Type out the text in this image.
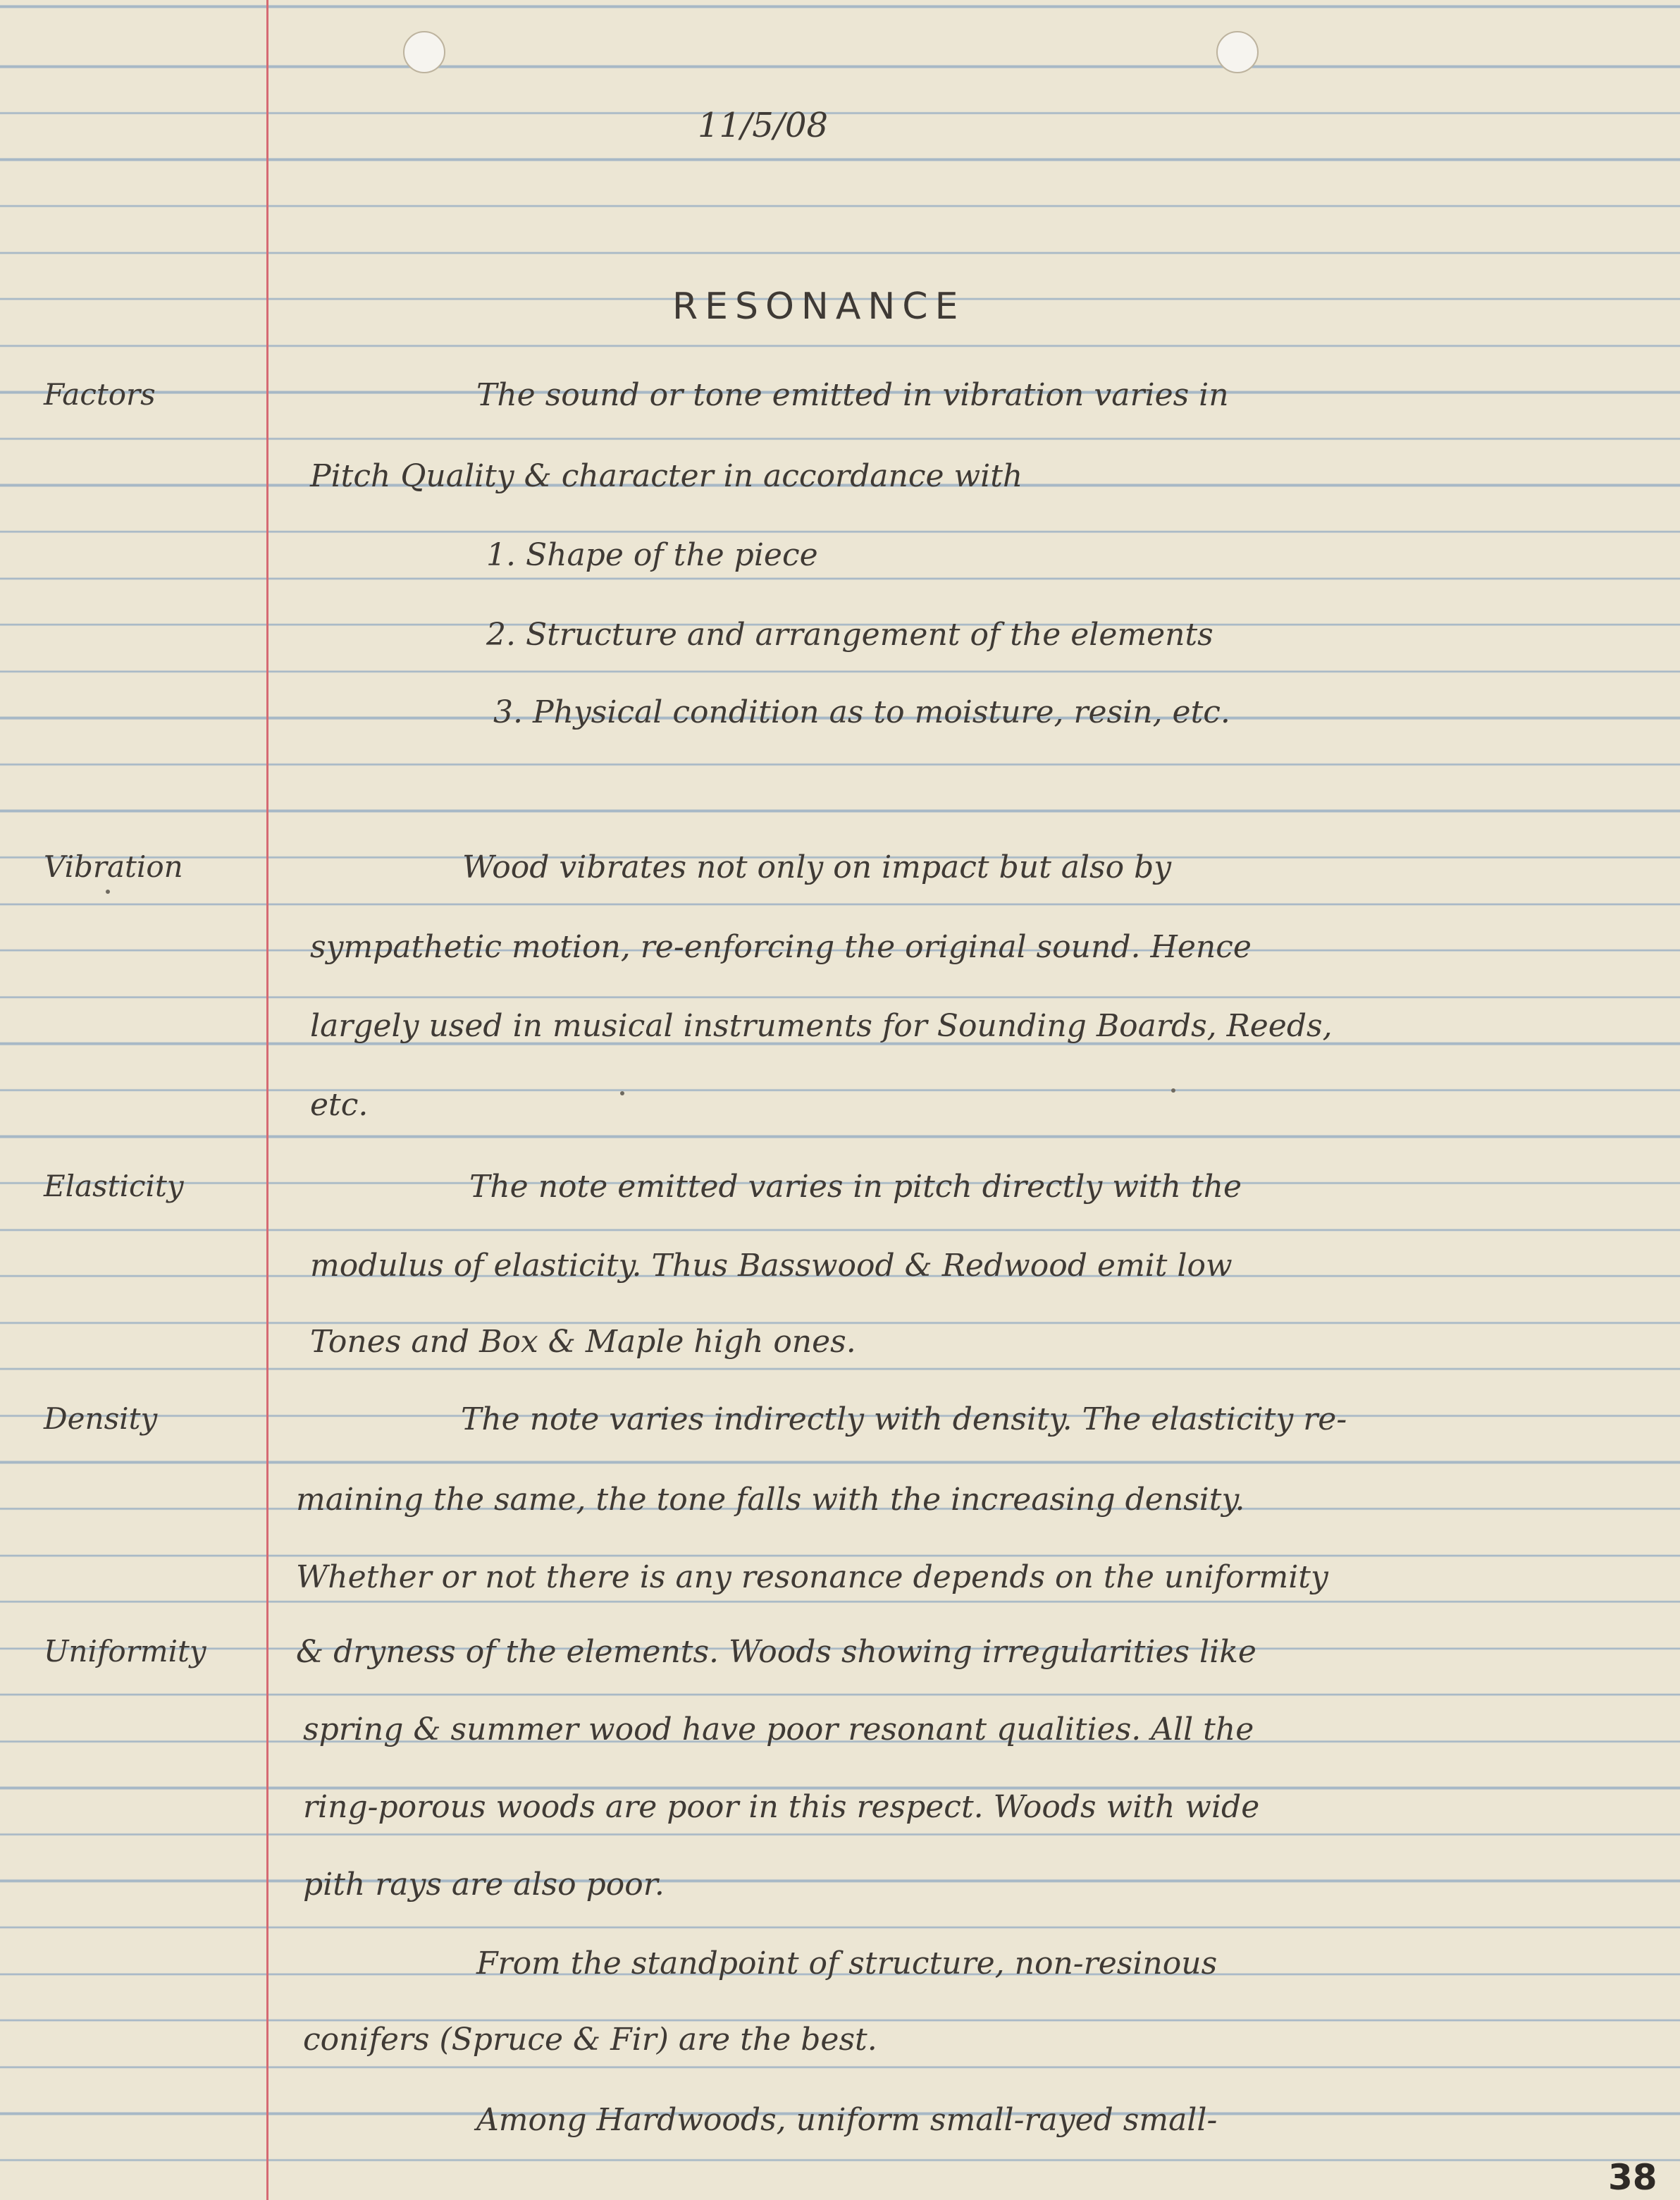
11/5/08
RESONANCE
Factors
Vibration
Elasticity
Density
Uniformity
The sound or tone emitted in vibration varies in
Pitch Quality & character in accordance with
1. Shape of the piece
2. Structure and arrangement of the elements
3. Physical condition as to moisture, resin, etc.
Wood vibrates not only on impact but also by
sympathetic motion, re-enforcing the original sound. Hence
largely used in musical instruments for Sounding Boards, Reeds,
etc.
The note emitted varies in pitch directly with the
modulus of elasticity. Thus Basswood & Redwood emit low
Tones and Box & Maple high ones.
The note varies indirectly with density. The elasticity re-
maining the same, the tone falls with the increasing density.
Whether or not there is any resonance depends on the uniformity
& dryness of the elements. Woods showing irregularities like
spring & summer wood have poor resonant qualities. All the
ring-porous woods are poor in this respect. Woods with wide
pith rays are also poor.
From the standpoint of structure, non-resinous
conifers (Spruce & Fir) are the best.
Among Hardwoods, uniform small-rayed small-
38
